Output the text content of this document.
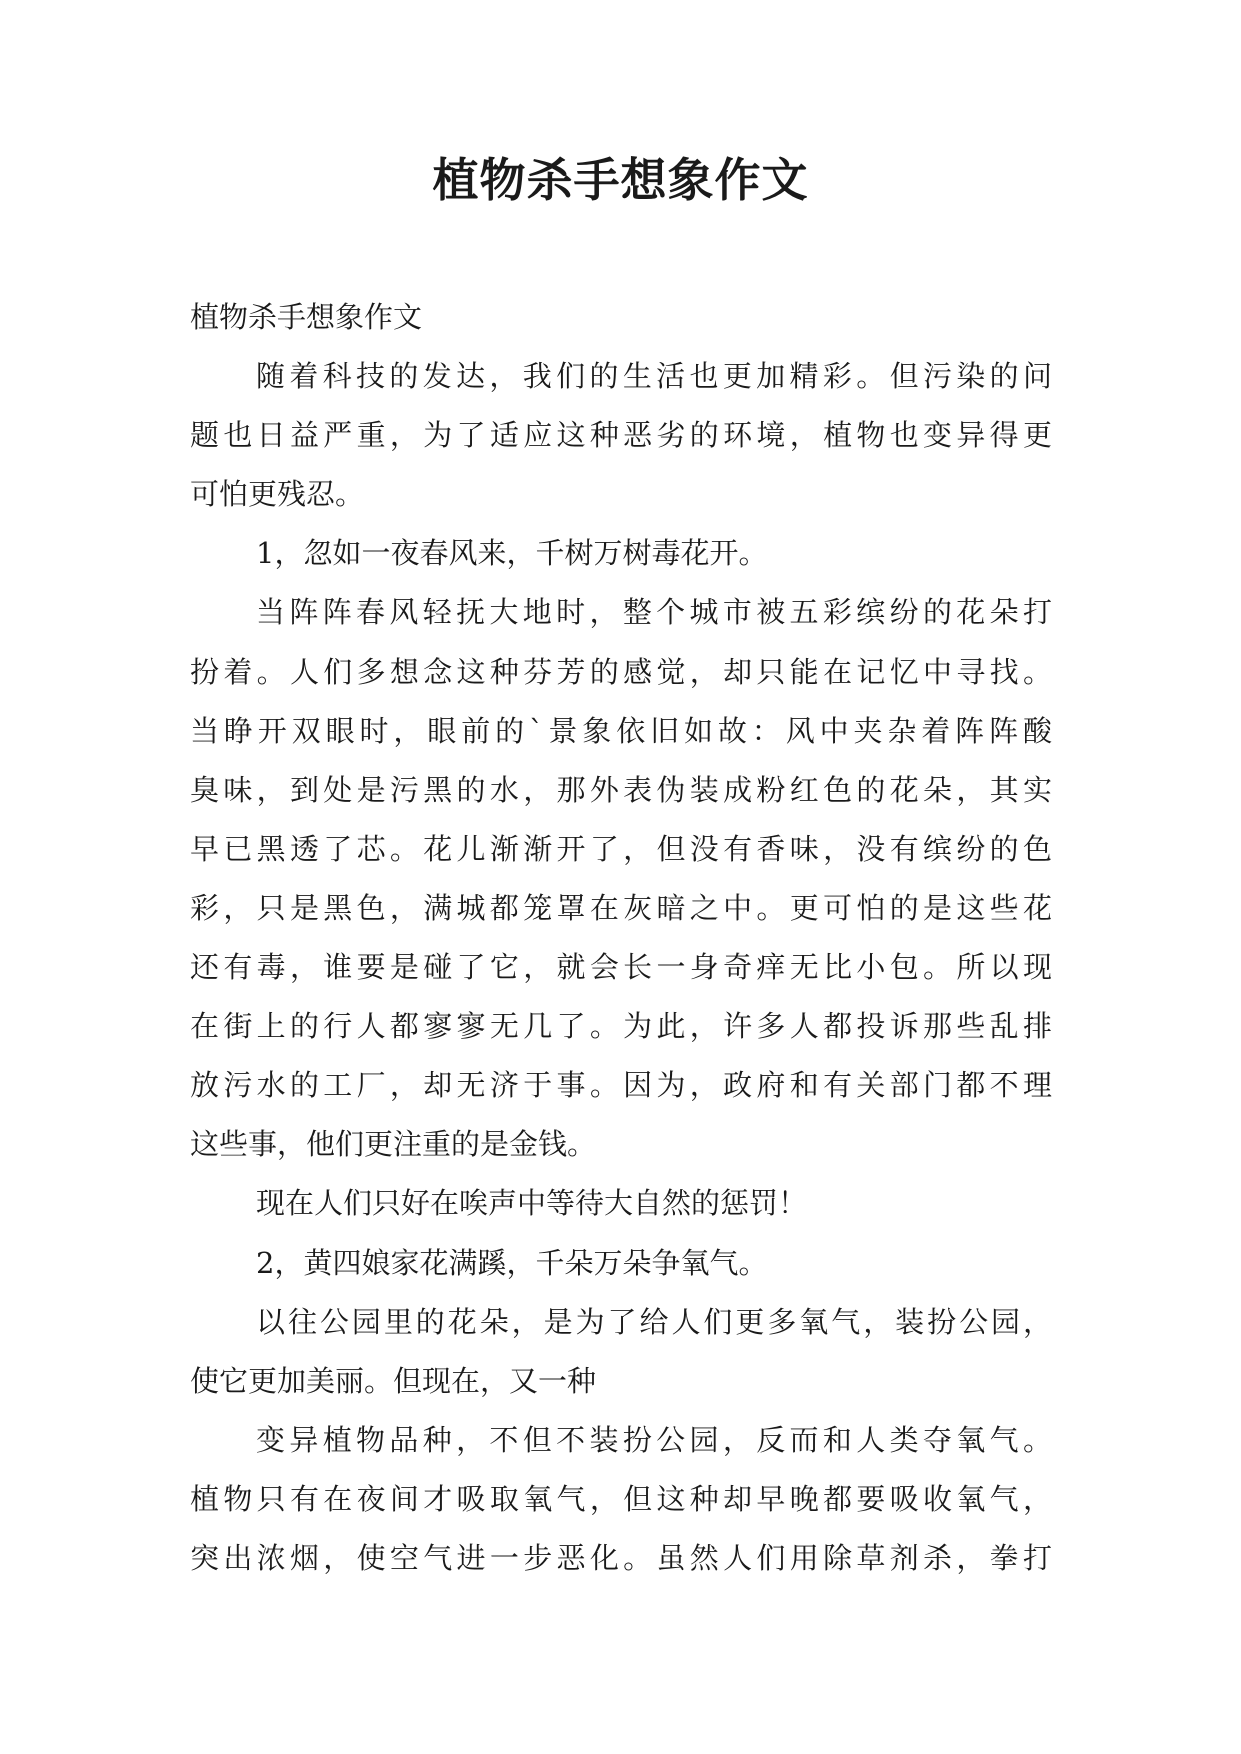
植物杀手想象作文
植物杀手想象作文
随着科技的发达，我们的生活也更加精彩。但污染的问
题也日益严重，为了适应这种恶劣的环境，植物也变异得更
可怕更残忍。
1，忽如一夜春风来，千树万树毒花开。
当阵阵春风轻抚大地时，整个城市被五彩缤纷的花朵打
扮着。人们多想念这种芬芳的感觉，却只能在记忆中寻找。
当睁开双眼时，眼前的`景象依旧如故：风中夹杂着阵阵酸
臭味，到处是污黑的水，那外表伪装成粉红色的花朵，其实
早已黑透了芯。花儿渐渐开了，但没有香味，没有缤纷的色
彩，只是黑色，满城都笼罩在灰暗之中。更可怕的是这些花
还有毒，谁要是碰了它，就会长一身奇痒无比小包。所以现
在街上的行人都寥寥无几了。为此，许多人都投诉那些乱排
放污水的工厂，却无济于事。因为，政府和有关部门都不理
这些事，他们更注重的是金钱。
现在人们只好在唉声中等待大自然的惩罚！
2，黄四娘家花满蹊，千朵万朵争氧气。
以往公园里的花朵，是为了给人们更多氧气，装扮公园，
使它更加美丽。但现在，又一种
变异植物品种，不但不装扮公园，反而和人类夺氧气。
植物只有在夜间才吸取氧气，但这种却早晚都要吸收氧气，
突出浓烟，使空气进一步恶化。虽然人们用除草剂杀，拳打
